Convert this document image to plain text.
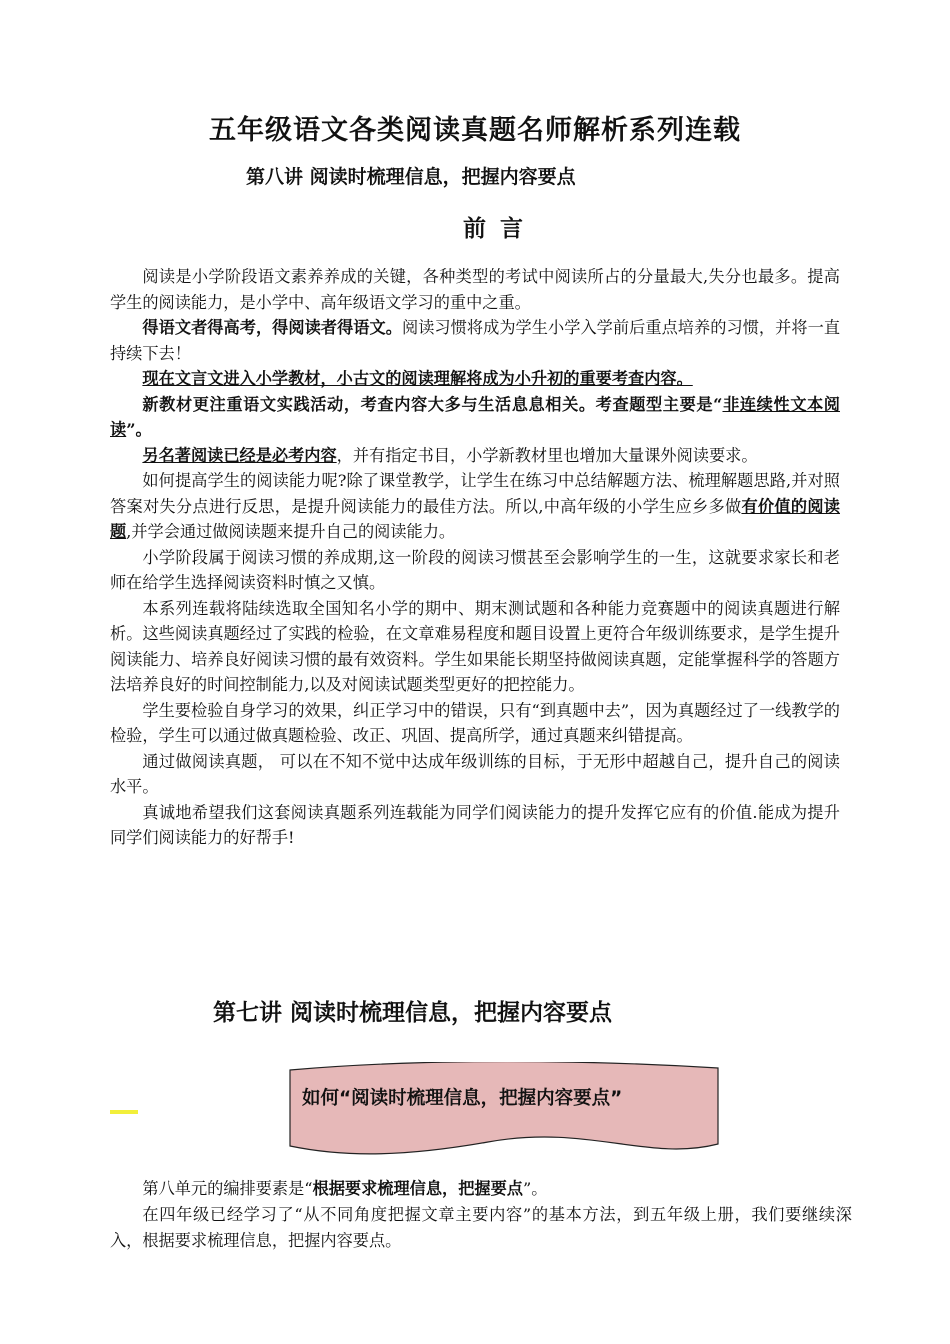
五年级语文各类阅读真题名师解析系列连载
第八讲 阅读时梳理信息，把握内容要点
前言

阅读是小学阶段语文素养养成的关键，各种类型的考试中阅读所占的分量最大,失分也最多。提高学生的阅读能力，是小学中、高年级语文学习的重中之重。

得语文者得高考，得阅读者得语文。阅读习惯将成为学生小学入学前后重点培养的习惯，并将一直持续下去！

现在文言文进入小学教材，小古文的阅读理解将成为小升初的重要考查内容。

新教材更注重语文实践活动，考查内容大多与生活息息相关。考查题型主要是“非连续性文本阅读”。

另名著阅读已经是必考内容，并有指定书目，小学新教材里也增加大量课外阅读要求。

如何提高学生的阅读能力呢?除了课堂教学，让学生在练习中总结解题方法、梳理解题思路,并对照答案对失分点进行反思，是提升阅读能力的最佳方法。所以,中高年级的小学生应乡多做有价值的阅读题,并学会通过做阅读题来提升自己的阅读能力。

小学阶段属于阅读习惯的养成期,这一阶段的阅读习惯甚至会影响学生的一生，这就要求家长和老师在给学生选择阅读资料时慎之又慎。

本系列连载将陆续选取全国知名小学的期中、期末测试题和各种能力竞赛题中的阅读真题进行解析。这些阅读真题经过了实践的检验，在文章难易程度和题目设置上更符合年级训练要求，是学生提升阅读能力、培养良好阅读习惯的最有效资料。学生如果能长期坚持做阅读真题，定能掌握科学的答题方法培养良好的时间控制能力,以及对阅读试题类型更好的把控能力。

学生要检验自身学习的效果，纠正学习中的错误，只有“到真题中去”，因为真题经过了一线教学的检验，学生可以通过做真题检验、改正、巩固、提高所学，通过真题来纠错提高。

通过做阅读真题， 可以在不知不觉中达成年级训练的目标，于无形中超越自己，提升自己的阅读水平。

真诚地希望我们这套阅读真题系列连载能为同学们阅读能力的提升发挥它应有的价值.能成为提升同学们阅读能力的好帮手!

第七讲 阅读时梳理信息，把握内容要点
如何“阅读时梳理信息，把握内容要点”

第八单元的编排要素是“根据要求梳理信息，把握要点”。

在四年级已经学习了“从不同角度把握文章主要内容”的基本方法，到五年级上册，我们要继续深入，根据要求梳理信息，把握内容要点。
